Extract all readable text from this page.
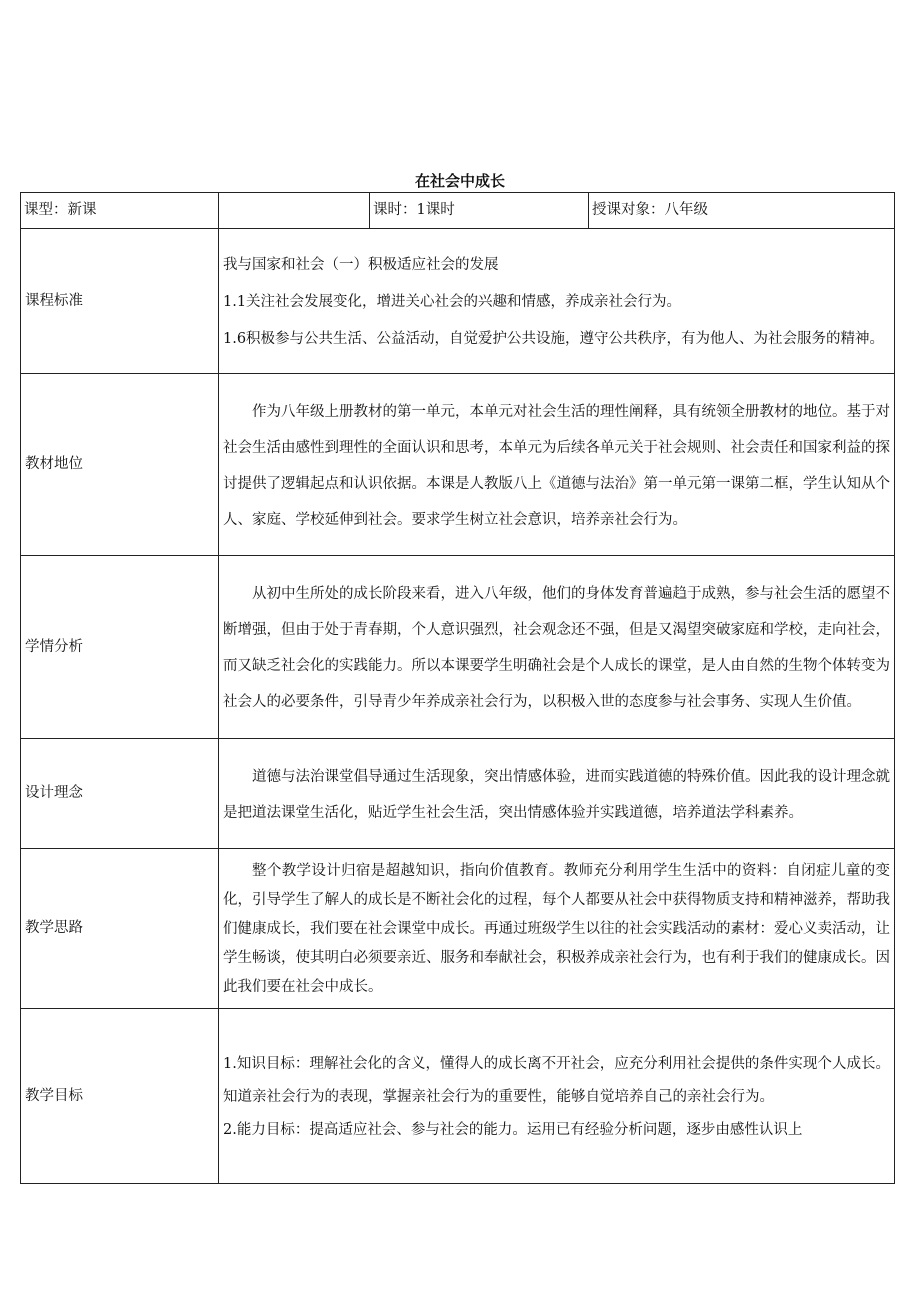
在社会中成长
课型：新课		课时：1课时	授课对象：八年级
课程标准	我与国家和社会（一）积极适应社会的发展

1.1关注社会发展变化，增进关心社会的兴趣和情感，养成亲社会行为。

1.6积极参与公共生活、公益活动，自觉爱护公共设施，遵守公共秩序，有为他人、为社会服务的精神。		

教材地位	作为八年级上册教材的第一单元，本单元对社会生活的理性阐释，具有统领全册教材的地位。基于对社会生活由感性到理性的全面认识和思考，本单元为后续各单元关于社会规则、社会责任和国家利益的探讨提供了逻辑起点和认识依据。本课是人教版八上《道德与法治》第一单元第一课第二框，学生认知从个人、家庭、学校延伸到社会。要求学生树立社会意识，培养亲社会行为。		

学情分析	从初中生所处的成长阶段来看，进入八年级，他们的身体发育普遍趋于成熟，参与社会生活的愿望不断增强，但由于处于青春期，个人意识强烈，社会观念还不强，但是又渴望突破家庭和学校，走向社会，而又缺乏社会化的实践能力。所以本课要学生明确社会是个人成长的课堂，是人由自然的生物个体转变为社会人的必要条件，引导青少年养成亲社会行为，以积极入世的态度参与社会事务、实现人生价值。		

设计理念	道德与法治课堂倡导通过生活现象，突出情感体验，进而实践道德的特殊价值。因此我的设计理念就是把道法课堂生活化，贴近学生社会生活，突出情感体验并实践道德，培养道法学科素养。		

教学思路	整个教学设计归宿是超越知识，指向价值教育。教师充分利用学生生活中的资料：自闭症儿童的变化，引导学生了解人的成长是不断社会化的过程，每个人都要从社会中获得物质支持和精神滋养，帮助我们健康成长，我们要在社会课堂中成长。再通过班级学生以往的社会实践活动的素材：爱心义卖活动，让学生畅谈，使其明白必须要亲近、服务和奉献社会，积极养成亲社会行为，也有利于我们的健康成长。因此我们要在社会中成长。		

教学目标	1.知识目标：理解社会化的含义，懂得人的成长离不开社会，应充分利用社会提供的条件实现个人成长。知道亲社会行为的表现，掌握亲社会行为的重要性，能够自觉培养自己的亲社会行为。

2.能力目标：提高适应社会、参与社会的能力。运用已有经验分析问题，逐步由感性认识上		
